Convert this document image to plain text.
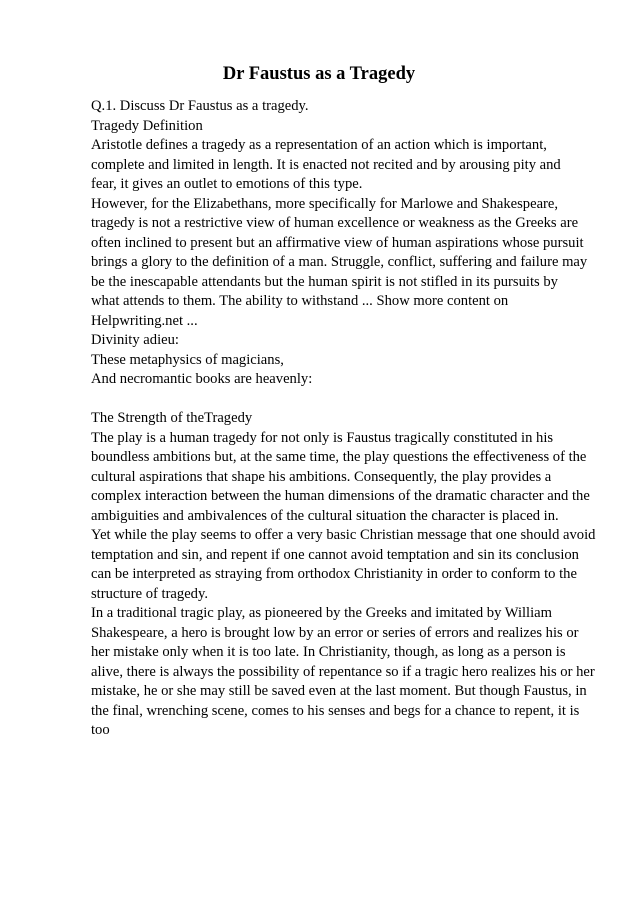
Dr Faustus as a Tragedy
Q.1. Discuss Dr Faustus as a tragedy.
Tragedy Definition
Aristotle defines a tragedy as a representation of an action which is important,
complete and limited in length. It is enacted not recited and by arousing pity and
fear, it gives an outlet to emotions of this type.
However, for the Elizabethans, more specifically for Marlowe and Shakespeare,
tragedy is not a restrictive view of human excellence or weakness as the Greeks are
often inclined to present but an affirmative view of human aspirations whose pursuit
brings a glory to the definition of a man. Struggle, conflict, suffering and failure may
be the inescapable attendants but the human spirit is not stifled in its pursuits by
what attends to them. The ability to withstand ... Show more content on
Helpwriting.net ...
Divinity adieu:
These metaphysics of magicians,
And necromantic books are heavenly:
The Strength of theTragedy
The play is a human tragedy for not only is Faustus tragically constituted in his
boundless ambitions but, at the same time, the play questions the effectiveness of the
cultural aspirations that shape his ambitions. Consequently, the play provides a
complex interaction between the human dimensions of the dramatic character and the
ambiguities and ambivalences of the cultural situation the character is placed in.
Yet while the play seems to offer a very basic Christian message that one should avoid
temptation and sin, and repent if one cannot avoid temptation and sin its conclusion
can be interpreted as straying from orthodox Christianity in order to conform to the
structure of tragedy.
In a traditional tragic play, as pioneered by the Greeks and imitated by William
Shakespeare, a hero is brought low by an error or series of errors and realizes his or
her mistake only when it is too late. In Christianity, though, as long as a person is
alive, there is always the possibility of repentance so if a tragic hero realizes his or her
mistake, he or she may still be saved even at the last moment. But though Faustus, in
the final, wrenching scene, comes to his senses and begs for a chance to repent, it is
too
